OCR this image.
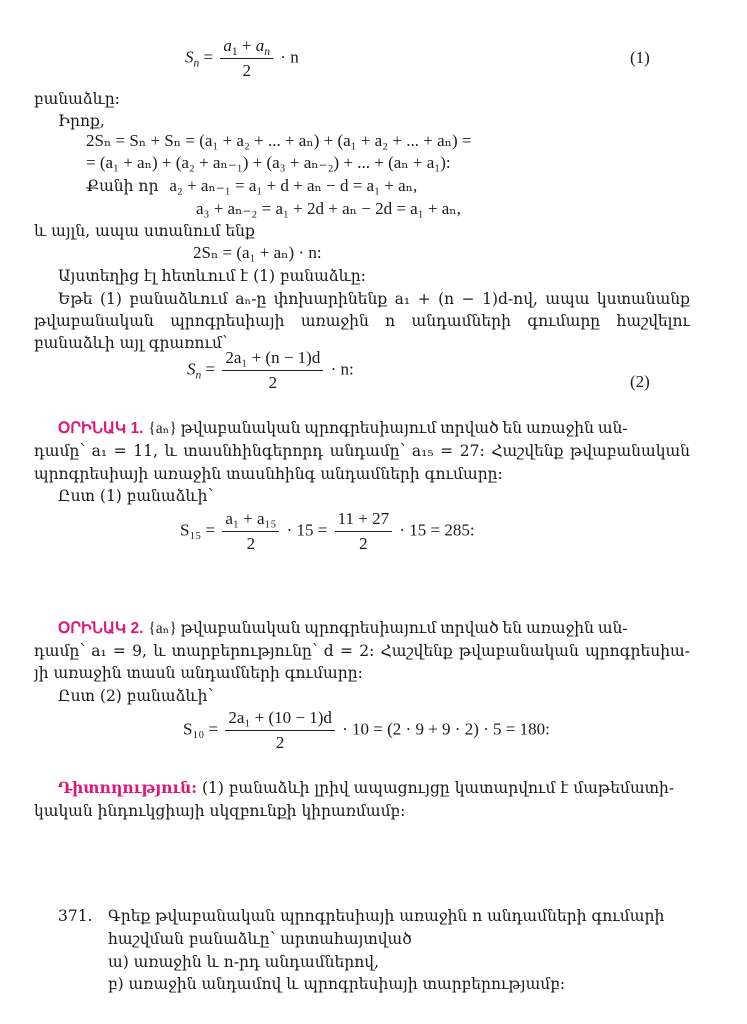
$S_n = \frac{a_1 + a_n}{2} \cdot n$	(1)
բանաձևը:
Իրոք,
2Sₙ = Sₙ + Sₙ = (a₁ + a₂ + ... + aₙ) + (a₁ + a₂ + ... + aₙ) =
= (a₁ + aₙ) + (a₂ + aₙ₋₁) + (a₃ + aₙ₋₂) + ... + (aₙ + a₁):
Քանի որ a₂ + aₙ₋₁ = a₁ + d + aₙ − d = a₁ + aₙ,
a₃ + aₙ₋₂ = a₁ + 2d + aₙ − 2d = a₁ + aₙ,
և այլն, ապա ստանում ենք
2Sₙ = (a₁ + aₙ) · n:
Այստեղից էլ հետևում է (1) բանաձևը:
Եթե (1) բանաձևում aₙ-ը փոխարինենք a₁ + (n − 1)d-ով, ապա կստանանք
թվաբանական պրոգրեսիայի առաջին n անդամների գումարը հաշվելու
բանաձևի այլ գրառում՝
$S_n = \frac{\text{2a₁ + (n − 1)d}}{2} \cdot n$:
(2)
ՕՐԻՆԱԿ 1. {aₙ} թվաբանական պրոգրեսիայում տրված են առաջին ան-
դամը՝ a₁ = 11, և տասնհինգերորդ անդամը՝ a₁₅ = 27: Հաշվենք թվաբանական
պրոգրեսիայի առաջին տասնհինգ անդամների գումարը:
Ըստ (1) բանաձևի՝
$S_{15} = \frac{\text{a₁ + a₁₅}}{2} \cdot 15 = \frac{11 + 27}{2} \cdot 15 = 285$:
ՕՐԻՆԱԿ 2. {aₙ} թվաբանական պրոգրեսիայում տրված են առաջին ան-
դամը՝ a₁ = 9, և տարբերությունը՝ d = 2: Հաշվենք թվաբանական պրոգրեսիա-
յի առաջին տասն անդամների գումարը:
Ըստ (2) բանաձևի՝
$S_{10} = \frac{\text{2a₁ + (10 − 1)d}}{2} \cdot 10 = (2 \cdot 9 + 9 \cdot 2) \cdot 5 = 180$:
Դիտողություն: (1) բանաձևի լրիվ ապացույցը կատարվում է մաթեմատի-
կական ինդուկցիայի սկզբունքի կիրառմամբ:
371. Գրեք թվաբանական պրոգրեսիայի առաջին n անդամների գումարի
հաշվման բանաձևը՝ արտահայտված
ա) առաջին և n-րդ անդամներով,
բ) առաջին անդամով և պրոգրեսիայի տարբերությամբ:
